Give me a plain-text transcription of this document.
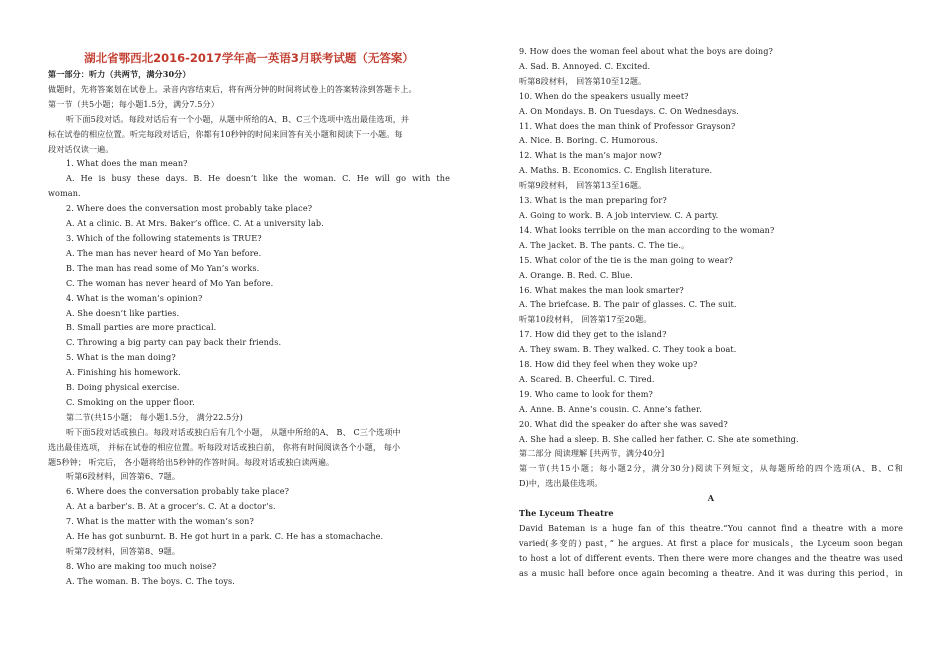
湖北省鄂西北2016-2017学年高一英语3月联考试题（无答案）
第一部分：听力（共两节，满分30分）
做题时，先将答案划在试卷上。录音内容结束后，将有两分钟的时间将试卷上的答案转涂到答题卡上。
第一节（共5小题；每小题1.5分，满分7.5分）
听下面5段对话。每段对话后有一个小题，从题中所给的A、B、C三个选项中选出最佳选项，并
标在试卷的相应位置。听完每段对话后，你都有10秒钟的时间来回答有关小题和阅读下一小题。每
段对话仅读一遍。
1. What does the man mean?
A. He is busy these days. B. He doesn’t like the woman. C. He will go with the
woman.
2. Where does the conversation most probably take place?
A. At a clinic. B. At Mrs. Baker’s office. C. At a university lab.
3. Which of the following statements is TRUE?
A. The man has never heard of Mo Yan before.
B. The man has read some of Mo Yan’s works.
C. The woman has never heard of Mo Yan before.
4. What is the woman’s opinion?
A. She doesn’t like parties.
B. Small parties are more practical.
C. Throwing a big party can pay back their friends.
5. What is the man doing?
A. Finishing his homework.
B. Doing physical exercise.
C. Smoking on the upper floor.
第二节(共15小题； 每小题1.5分， 满分22.5分)
听下面5段对话或独白。每段对话或独白后有几个小题， 从题中所给的A、 B、 C三个选项中
选出最佳选项， 并标在试卷的相应位置。听每段对话或独白前， 你将有时间阅读各个小题， 每小
题5秒钟； 听完后， 各小题将给出5秒钟的作答时间。每段对话或独白读两遍。
听第6段材料，回答第6、7题。
6. Where does the conversation probably take place?
A. At a barber’s. B. At a grocer’s. C. At a doctor’s.
7. What is the matter with the woman’s son?
A. He has got sunburnt. B. He got hurt in a park. C. He has a stomachache.
听第7段材料，回答第8、9题。
8. Who are making too much noise?
A. The woman. B. The boys. C. The toys.
9. How does the woman feel about what the boys are doing?
A. Sad. B. Annoyed. C. Excited.
听第8段材料， 回答第10至12题。
10. When do the speakers usually meet?
A. On Mondays. B. On Tuesdays. C. On Wednesdays.
11. What does the man think of Professor Grayson?
A. Nice. B. Boring. C. Humorous.
12. What is the man’s major now?
A. Maths. B. Economics. C. English literature.
听第9段材料， 回答第13至16题。
13. What is the man preparing for?
A. Going to work. B. A job interview. C. A party.
14. What looks terrible on the man according to the woman?
A. The jacket. B. The pants. C. The tie.。
15. What color of the tie is the man going to wear?
A. Orange. B. Red. C. Blue.
16. What makes the man look smarter?
A. The briefcase. B. The pair of glasses. C. The suit.
听第10段材料， 回答第17至20题。
17. How did they get to the island?
A. They swam. B. They walked. C. They took a boat.
18. How did they feel when they woke up?
A. Scared. B. Cheerful. C. Tired.
19. Who came to look for them?
A. Anne. B. Anne’s cousin. C. Anne’s father.
20. What did the speaker do after she was saved?
A. She had a sleep. B. She called her father. C. She ate something.
第二部分 阅读理解 [共两节，满分40分]
第一节(共15小题；每小题2分，满分30分)阅读下列短文，从每题所给的四个选项(A、B、C和
D)中，选出最佳选项。
A
The Lyceum Theatre
David Bateman is a huge fan of this theatre.“You cannot find a theatre with a more
varied(多变的) past，” he argues. At first a place for musicals，the Lyceum soon began
to host a lot of different events. Then there were more changes and the theatre was used
as a music hall before once again becoming a theatre. And it was during this period，in
